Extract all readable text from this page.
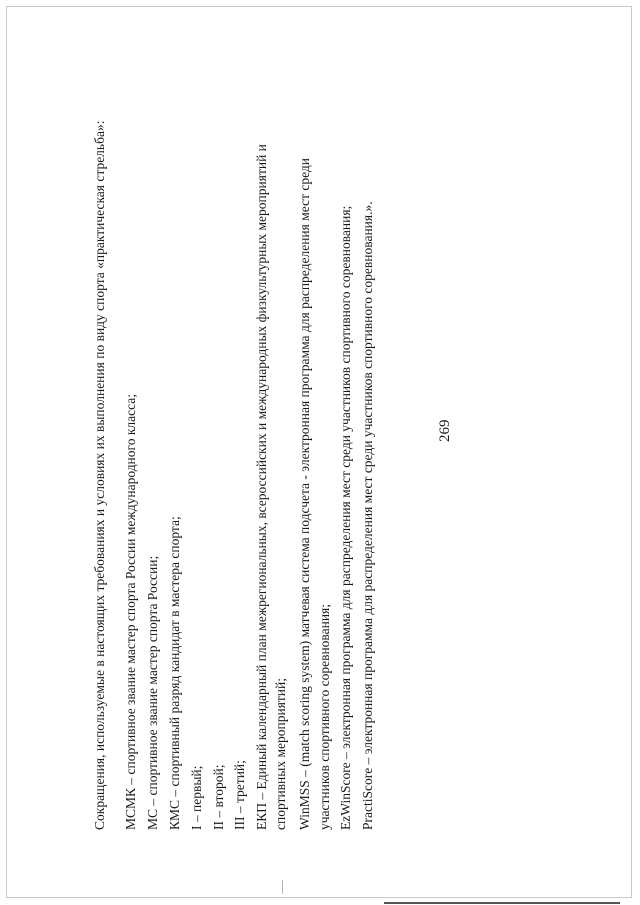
269
Сокращения, используемые в настоящих требованиях и условиях их выполнения по виду спорта «практическая стрельба»: МСМК – спортивное звание мастер спорта России международного класса; МС – спортивное звание мастер спорта России; КМС – спортивный разряд кандидат в мастера спорта; I – первый; II – второй; III – третий; ЕКП – Единый календарный план межрегиональных, всероссийских и международных физкультурных мероприятий и спортивных мероприятий; WinMSS – (match scoring system) матчевая система подсчета - электронная программа для распределения мест среди участников спортивного соревнования; EzWinScore – электронная программа для распределения мест среди участников спортивного соревнования; PractiScore – электронная программа для распределения мест среди участников спортивного соревнования.».
